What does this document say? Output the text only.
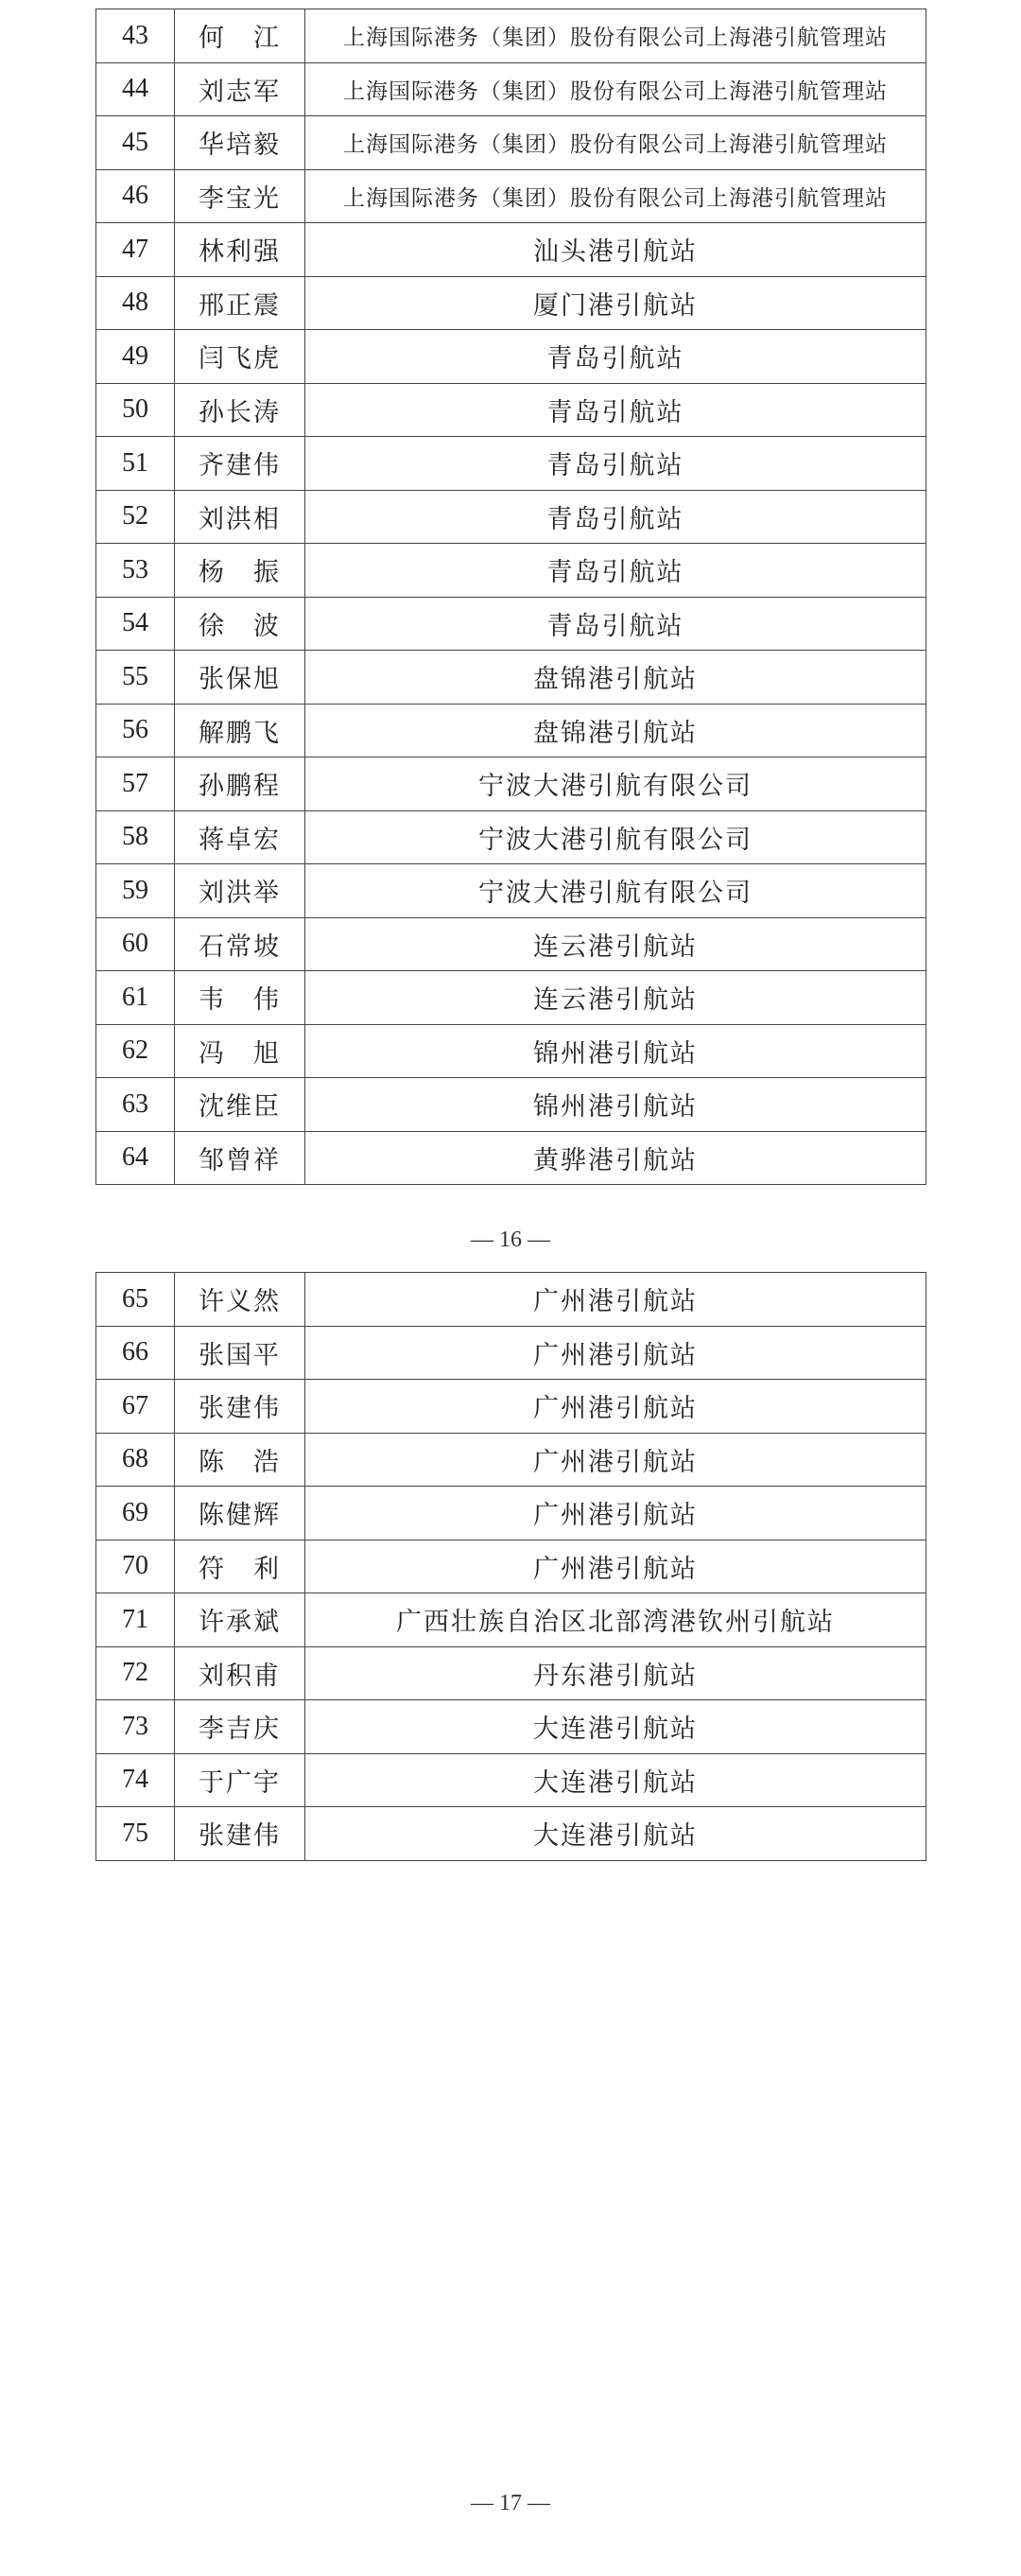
43	何　江	上海国际港务（集团）股份有限公司上海港引航管理站
44	刘志军	上海国际港务（集团）股份有限公司上海港引航管理站
45	华培毅	上海国际港务（集团）股份有限公司上海港引航管理站
46	李宝光	上海国际港务（集团）股份有限公司上海港引航管理站
47	林利强	汕头港引航站
48	邢正震	厦门港引航站
49	闫飞虎	青岛引航站
50	孙长涛	青岛引航站
51	齐建伟	青岛引航站
52	刘洪相	青岛引航站
53	杨　振	青岛引航站
54	徐　波	青岛引航站
55	张保旭	盘锦港引航站
56	解鹏飞	盘锦港引航站
57	孙鹏程	宁波大港引航有限公司
58	蒋卓宏	宁波大港引航有限公司
59	刘洪举	宁波大港引航有限公司
60	石常坡	连云港引航站
61	韦　伟	连云港引航站
62	冯　旭	锦州港引航站
63	沈维臣	锦州港引航站
64	邹曾祥	黄骅港引航站
— 16 —
65	许义然	广州港引航站
66	张国平	广州港引航站
67	张建伟	广州港引航站
68	陈　浩	广州港引航站
69	陈健辉	广州港引航站
70	符　利	广州港引航站
71	许承斌	广西壮族自治区北部湾港钦州引航站
72	刘积甫	丹东港引航站
73	李吉庆	大连港引航站
74	于广宇	大连港引航站
75	张建伟	大连港引航站
— 17 —
